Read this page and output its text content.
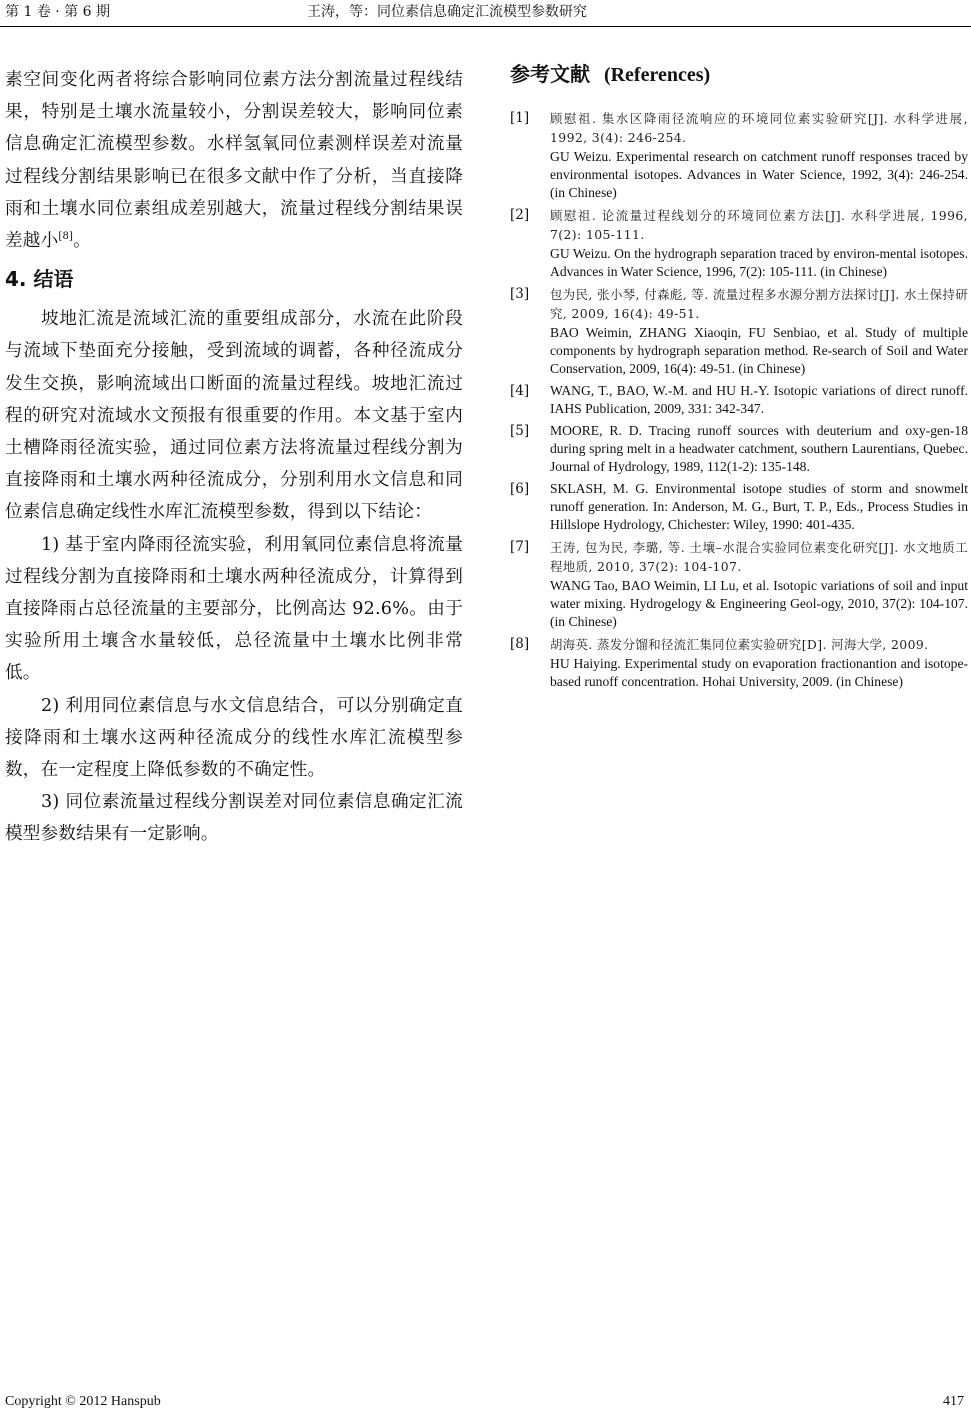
第 1 卷 · 第 6 期	王涛，等：同位素信息确定汇流模型参数研究

素空间变化两者将综合影响同位素方法分割流量过程线结果，特别是土壤水流量较小，分割误差较大，影响同位素信息确定汇流模型参数。水样氢氧同位素测样误差对流量过程线分割结果影响已在很多文献中作了分析，当直接降雨和土壤水同位素组成差别越大，流量过程线分割结果误差越小[8]。

4. 结语

坡地汇流是流域汇流的重要组成部分，水流在此阶段与流域下垫面充分接触，受到流域的调蓄，各种径流成分发生交换，影响流域出口断面的流量过程线。坡地汇流过程的研究对流域水文预报有很重要的作用。本文基于室内土槽降雨径流实验，通过同位素方法将流量过程线分割为直接降雨和土壤水两种径流成分，分别利用水文信息和同位素信息确定线性水库汇流模型参数，得到以下结论：

1) 基于室内降雨径流实验，利用氧同位素信息将流量过程线分割为直接降雨和土壤水两种径流成分，计算得到直接降雨占总径流量的主要部分，比例高达 92.6%。由于实验所用土壤含水量较低，总径流量中土壤水比例非常低。

2) 利用同位素信息与水文信息结合，可以分别确定直接降雨和土壤水这两种径流成分的线性水库汇流模型参数，在一定程度上降低参数的不确定性。

3) 同位素流量过程线分割误差对同位素信息确定汇流模型参数结果有一定影响。

参考文献 (References)
[1] 顾慰祖. 集水区降雨径流响应的环境同位素实验研究[J]. 水科学进展, 1992, 3(4): 246-254.
GU Weizu. Experimental research on catchment runoff responses traced by environmental isotopes. Advances in Water Science, 1992, 3(4): 246-254. (in Chinese)
[2] 顾慰祖. 论流量过程线划分的环境同位素方法[J]. 水科学进展, 1996, 7(2): 105-111.
GU Weizu. On the hydrograph separation traced by environ-mental isotopes. Advances in Water Science, 1996, 7(2): 105-111. (in Chinese)
[3] 包为民, 张小琴, 付森彪, 等. 流量过程多水源分割方法探讨[J]. 水土保持研究, 2009, 16(4): 49-51.
BAO Weimin, ZHANG Xiaoqin, FU Senbiao, et al. Study of multiple components by hydrograph separation method. Re-search of Soil and Water Conservation, 2009, 16(4): 49-51. (in Chinese)
[4] WANG, T., BAO, W.-M. and HU H.-Y. Isotopic variations of direct runoff. IAHS Publication, 2009, 331: 342-347.
[5] MOORE, R. D. Tracing runoff sources with deuterium and oxy-gen-18 during spring melt in a headwater catchment, southern Laurentians, Quebec. Journal of Hydrology, 1989, 112(1-2): 135-148.
[6] SKLASH, M. G. Environmental isotope studies of storm and snowmelt runoff generation. In: Anderson, M. G., Burt, T. P., Eds., Process Studies in Hillslope Hydrology, Chichester: Wiley, 1990: 401-435.
[7] 王涛, 包为民, 李璐, 等. 土壤–水混合实验同位素变化研究[J]. 水文地质工程地质, 2010, 37(2): 104-107.
WANG Tao, BAO Weimin, LI Lu, et al. Isotopic variations of soil and input water mixing. Hydrogelogy & Engineering Geol-ogy, 2010, 37(2): 104-107. (in Chinese)
[8] 胡海英. 蒸发分馏和径流汇集同位素实验研究[D]. 河海大学, 2009.
HU Haiying. Experimental study on evaporation fractionantion and isotope-based runoff concentration. Hohai University, 2009. (in Chinese)
Copyright © 2012 Hanspub	417
